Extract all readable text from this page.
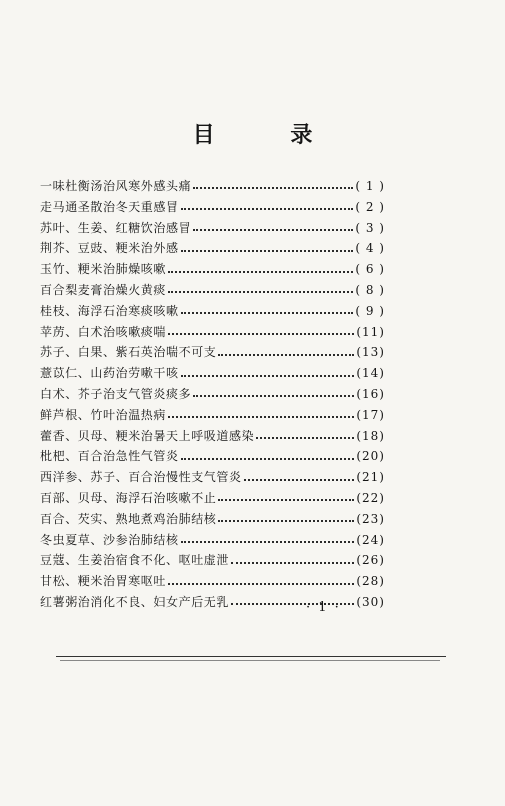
目 录
一味杜衡汤治风寒外感头痛	( 1 )
走马通圣散治冬天重感冒	( 2 )
苏叶、生姜、红糖饮治感冒	( 3 )
荆芥、豆豉、粳米治外感	( 4 )
玉竹、粳米治肺燥咳嗽	( 6 )
百合梨麦膏治燥火黄痰	( 8 )
桂枝、海浮石治寒痰咳嗽	( 9 )
苹苈、白术治咳嗽痰喘	(11)
苏子、白果、紫石英治喘不可支	(13)
薏苡仁、山药治劳嗽干咳	(14)
白术、芥子治支气管炎痰多	(16)
鲜芦根、竹叶治温热病	(17)
藿香、贝母、粳米治暑天上呼吸道感染	(18)
枇杷、百合治急性气管炎	(20)
西洋参、苏子、百合治慢性支气管炎	(21)
百部、贝母、海浮石治咳嗽不止	(22)
百合、芡实、熟地煮鸡治肺结核	(23)
冬虫夏草、沙参治肺结核	(24)
豆蔻、生姜治宿食不化、呕吐虚泄	(26)
甘松、粳米治胃寒呕吐	(28)
红薯粥治消化不良、妇女产后无乳	(30)
· 1 ·
